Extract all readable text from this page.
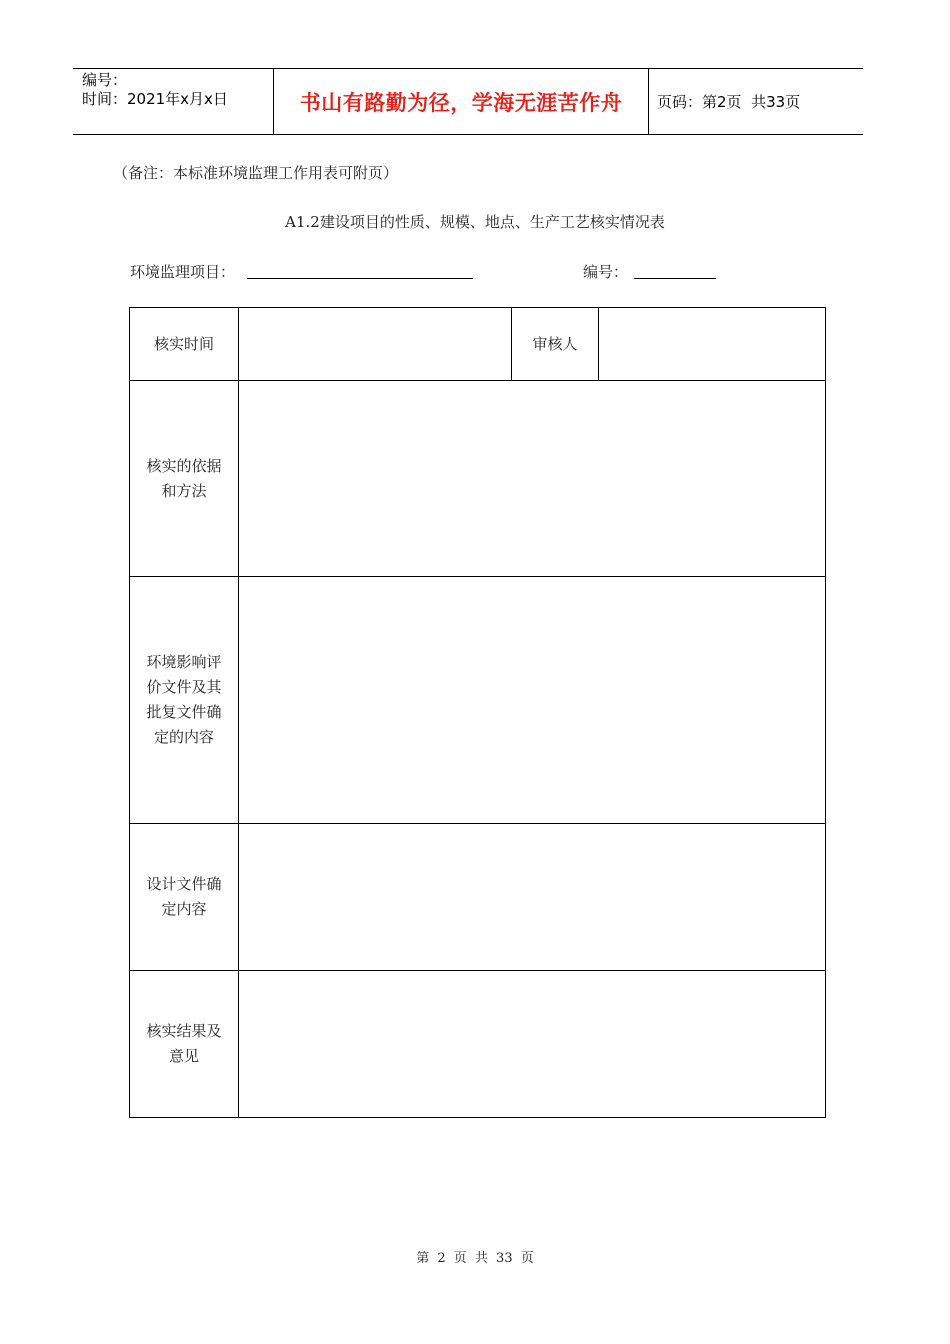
编号：
时间：2021年x月x日	书山有路勤为径，学海无涯苦作舟 页码： 第2页
共33页
（备注：本标准环境监理工作用表可附页）
A1.2建设项目的性质、规模、地点、生产工艺核实情况表
环境监理项目：	编号：
核实时间		审核人	
核实的依据和方法			
环境影响评价文件及其批复文件确定的内容			
设计文件确定内容			
核实结果及意见			
第 2 页 共 33 页
